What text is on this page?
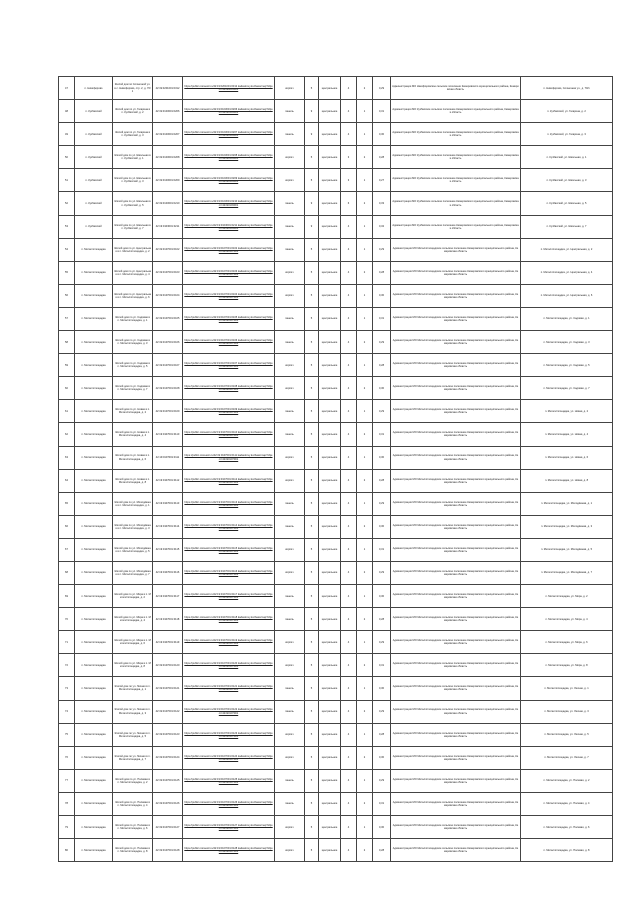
47	п. Никифорово	Жилой дом по Солнечной ул. в с. Никифорово, стр. 2, д. 70/1	42:19:0201001:0312	https://public.rosreestr.ru/42:19:0201001:0312 kadastrovy.kuzbass/map?object=42190201001	кирпич	5	центральное	4	2	0,29	Администрация МО Никифоровское сельское поселение Кемеровского муниципального района, Кемеровская область	п. Никифорово, Солнечная ул., д. 70/1
48	п. Кузбасский	Жилой дом по ул. Гагарина в п. Кузбасский, д. 2	42:19:0103001:0206	https://public.rosreestr.ru/42:19:0103001:0206 kadastrovy.kuzbass/map?object=42190103001	панель	9	центральное	4	1	0,31	Администрация МО Кузбасское сельское поселение Кемеровского муниципального района, Кемеровская область	п. Кузбасский, ул. Гагарина, д. 2
49	п. Кузбасский	Жилой дом по ул. Гагарина в п. Кузбасский, д. 3	42:19:0103001:0207	https://public.rosreestr.ru/42:19:0103001:0207 kadastrovy.kuzbass/map?object=42190103001	панель	9	центральное	4	1	0,30	Администрация МО Кузбасское сельское поселение Кемеровского муниципального района, Кемеровская область	п. Кузбасский, ул. Гагарина, д. 3
50	п. Кузбасский	Жилой дом по ул. Школьная в п. Кузбасский, д. 1	42:19:0103001:0208	https://public.rosreestr.ru/42:19:0103001:0208 kadastrovy.kuzbass/map?object=42190103001	кирпич	5	центральное	3	2	0,28	Администрация МО Кузбасское сельское поселение Кемеровского муниципального района, Кемеровская область	п. Кузбасский, ул. Школьная, д. 1
51	п. Кузбасский	Жилой дом по ул. Школьная в п. Кузбасский, д. 3	42:19:0103001:0209	https://public.rosreestr.ru/42:19:0103001:0209 kadastrovy.kuzbass/map?object=42190103001	кирпич	5	центральное	3	1	0,27	Администрация МО Кузбасское сельское поселение Кемеровского муниципального района, Кемеровская область	п. Кузбасский, ул. Школьная, д. 3
52	п. Кузбасский	Жилой дом по ул. Школьная в п. Кузбасский, д. 5	42:19:0103001:0210	https://public.rosreestr.ru/42:19:0103001:0210 kadastrovy.kuzbass/map?object=42190103001	панель	9	центральное	6	2	0,33	Администрация МО Кузбасское сельское поселение Кемеровского муниципального района, Кемеровская область	п. Кузбасский, ул. Школьная, д. 5
53	п. Кузбасский	Жилой дом по ул. Школьная в п. Кузбасский, д. 7	42:19:0103001:0211	https://public.rosreestr.ru/42:19:0103001:0211 kadastrovy.kuzbass/map?object=42190103001	панель	9	центральное	4	1	0,32	Администрация МО Кузбасское сельское поселение Кемеровского муниципального района, Кемеровская область	п. Кузбасский, ул. Школьная, д. 7
54	п. Металлплощадка	Жилой дом по ул. Центральная в п. Металлплощадка, д. 2	42:19:0107001:0102	https://public.rosreestr.ru/42:19:0107001:0102 kadastrovy.kuzbass/map?object=42190107001	панель	5	центральное	4	1	0,29	Администрация МО Металлплощадское сельское поселение Кемеровского муниципального района, Кемеровская область	п. Металлплощадка, ул. Центральная, д. 2
55	п. Металлплощадка	Жилой дом по ул. Центральная в п. Металлплощадка, д. 4	42:19:0107001:0103	https://public.rosreestr.ru/42:19:0107001:0103 kadastrovy.kuzbass/map?object=42190107001	кирпич	5	центральное	4	2	0,28	Администрация МО Металлплощадское сельское поселение Кемеровского муниципального района, Кемеровская область	п. Металлплощадка, ул. Центральная, д. 4
56	п. Металлплощадка	Жилой дом по ул. Центральная в п. Металлплощадка, д. 6	42:19:0107001:0104	https://public.rosreestr.ru/42:19:0107001:0104 kadastrovy.kuzbass/map?object=42190107001	кирпич	5	центральное	4	1	0,30	Администрация МО Металлплощадское сельское поселение Кемеровского муниципального района, Кемеровская область	п. Металлплощадка, ул. Центральная, д. 6
57	п. Металлплощадка	Жилой дом по ул. Садовая в п. Металлплощадка, д. 1	42:19:0107001:0105	https://public.rosreestr.ru/42:19:0107001:0105 kadastrovy.kuzbass/map?object=42190107001	панель	5	центральное	4	1	0,31	Администрация МО Металлплощадское сельское поселение Кемеровского муниципального района, Кемеровская область	п. Металлплощадка, ул. Садовая, д. 1
58	п. Металлплощадка	Жилой дом по ул. Садовая в п. Металлплощадка, д. 3	42:19:0107001:0106	https://public.rosreestr.ru/42:19:0107001:0106 kadastrovy.kuzbass/map?object=42190107001	панель	5	центральное	4	2	0,29	Администрация МО Металлплощадское сельское поселение Кемеровского муниципального района, Кемеровская область	п. Металлплощадка, ул. Садовая, д. 3
59	п. Металлплощадка	Жилой дом по ул. Садовая в п. Металлплощадка, д. 5	42:19:0107001:0107	https://public.rosreestr.ru/42:19:0107001:0107 kadastrovy.kuzbass/map?object=42190107001	кирпич	5	центральное	4	1	0,28	Администрация МО Металлплощадское сельское поселение Кемеровского муниципального района, Кемеровская область	п. Металлплощадка, ул. Садовая, д. 5
60	п. Металлплощадка	Жилой дом по ул. Садовая в п. Металлплощадка, д. 7	42:19:0107001:0108	https://public.rosreestr.ru/42:19:0107001:0108 kadastrovy.kuzbass/map?object=42190107001	кирпич	5	центральное	4	2	0,30	Администрация МО Металлплощадское сельское поселение Кемеровского муниципального района, Кемеровская область	п. Металлплощадка, ул. Садовая, д. 7
61	п. Металлплощадка	Жилой дом по ул. Новая в п. Металлплощадка, д. 2	42:19:0107001:0109	https://public.rosreestr.ru/42:19:0107001:0109 kadastrovy.kuzbass/map?object=42190107001	панель	5	центральное	4	1	0,29	Администрация МО Металлплощадское сельское поселение Кемеровского муниципального района, Кемеровская область	п. Металлплощадка, ул. Новая, д. 2
62	п. Металлплощадка	Жилой дом по ул. Новая в п. Металлплощадка, д. 4	42:19:0107001:0110	https://public.rosreestr.ru/42:19:0107001:0110 kadastrovy.kuzbass/map?object=42190107001	панель	5	центральное	4	2	0,31	Администрация МО Металлплощадское сельское поселение Кемеровского муниципального района, Кемеровская область	п. Металлплощадка, ул. Новая, д. 4
63	п. Металлплощадка	Жилой дом по ул. Новая в п. Металлплощадка, д. 6	42:19:0107001:0111	https://public.rosreestr.ru/42:19:0107001:0111 kadastrovy.kuzbass/map?object=42190107001	кирпич	5	центральное	4	1	0,30	Администрация МО Металлплощадское сельское поселение Кемеровского муниципального района, Кемеровская область	п. Металлплощадка, ул. Новая, д. 6
64	п. Металлплощадка	Жилой дом по ул. Новая в п. Металлплощадка, д. 8	42:19:0107001:0112	https://public.rosreestr.ru/42:19:0107001:0112 kadastrovy.kuzbass/map?object=42190107001	кирпич	5	центральное	4	2	0,28	Администрация МО Металлплощадское сельское поселение Кемеровского муниципального района, Кемеровская область	п. Металлплощадка, ул. Новая, д. 8
65	п. Металлплощадка	Жилой дом по ул. Молодёжная в п. Металлплощадка, д. 1	42:19:0107001:0113	https://public.rosreestr.ru/42:19:0107001:0113 kadastrovy.kuzbass/map?object=42190107001	панель	5	центральное	4	1	0,29	Администрация МО Металлплощадское сельское поселение Кемеровского муниципального района, Кемеровская область	п. Металлплощадка, ул. Молодёжная, д. 1
66	п. Металлплощадка	Жилой дом по ул. Молодёжная в п. Металлплощадка, д. 3	42:19:0107001:0114	https://public.rosreestr.ru/42:19:0107001:0114 kadastrovy.kuzbass/map?object=42190107001	панель	5	центральное	4	2	0,30	Администрация МО Металлплощадское сельское поселение Кемеровского муниципального района, Кемеровская область	п. Металлплощадка, ул. Молодёжная, д. 3
67	п. Металлплощадка	Жилой дом по ул. Молодёжная в п. Металлплощадка, д. 5	42:19:0107001:0115	https://public.rosreestr.ru/42:19:0107001:0115 kadastrovy.kuzbass/map?object=42190107001	кирпич	5	центральное	4	1	0,31	Администрация МО Металлплощадское сельское поселение Кемеровского муниципального района, Кемеровская область	п. Металлплощадка, ул. Молодёжная, д. 5
68	п. Металлплощадка	Жилой дом по ул. Молодёжная в п. Металлплощадка, д. 7	42:19:0107001:0116	https://public.rosreestr.ru/42:19:0107001:0116 kadastrovy.kuzbass/map?object=42190107001	кирпич	5	центральное	4	2	0,29	Администрация МО Металлплощадское сельское поселение Кемеровского муниципального района, Кемеровская область	п. Металлплощадка, ул. Молодёжная, д. 7
69	п. Металлплощадка	Жилой дом по ул. Мира в п. Металлплощадка, д. 2	42:19:0107001:0117	https://public.rosreestr.ru/42:19:0107001:0117 kadastrovy.kuzbass/map?object=42190107001	панель	5	центральное	4	1	0,30	Администрация МО Металлплощадское сельское поселение Кемеровского муниципального района, Кемеровская область	п. Металлплощадка, ул. Мира, д. 2
70	п. Металлплощадка	Жилой дом по ул. Мира в п. Металлплощадка, д. 4	42:19:0107001:0118	https://public.rosreestr.ru/42:19:0107001:0118 kadastrovy.kuzbass/map?object=42190107001	панель	5	центральное	4	2	0,28	Администрация МО Металлплощадское сельское поселение Кемеровского муниципального района, Кемеровская область	п. Металлплощадка, ул. Мира, д. 4
71	п. Металлплощадка	Жилой дом по ул. Мира в п. Металлплощадка, д. 6	42:19:0107001:0119	https://public.rosreestr.ru/42:19:0107001:0119 kadastrovy.kuzbass/map?object=42190107001	кирпич	5	центральное	4	1	0,29	Администрация МО Металлплощадское сельское поселение Кемеровского муниципального района, Кемеровская область	п. Металлплощадка, ул. Мира, д. 6
72	п. Металлплощадка	Жилой дом по ул. Мира в п. Металлплощадка, д. 8	42:19:0107001:0120	https://public.rosreestr.ru/42:19:0107001:0120 kadastrovy.kuzbass/map?object=42190107001	кирпич	5	центральное	4	2	0,31	Администрация МО Металлплощадское сельское поселение Кемеровского муниципального района, Кемеровская область	п. Металлплощадка, ул. Мира, д. 8
73	п. Металлплощадка	Жилой дом по ул. Лесная в п. Металлплощадка, д. 1	42:19:0107001:0121	https://public.rosreestr.ru/42:19:0107001:0121 kadastrovy.kuzbass/map?object=42190107001	панель	5	центральное	4	1	0,30	Администрация МО Металлплощадское сельское поселение Кемеровского муниципального района, Кемеровская область	п. Металлплощадка, ул. Лесная, д. 1
74	п. Металлплощадка	Жилой дом по ул. Лесная в п. Металлплощадка, д. 3	42:19:0107001:0122	https://public.rosreestr.ru/42:19:0107001:0122 kadastrovy.kuzbass/map?object=42190107001	панель	5	центральное	4	2	0,29	Администрация МО Металлплощадское сельское поселение Кемеровского муниципального района, Кемеровская область	п. Металлплощадка, ул. Лесная, д. 3
75	п. Металлплощадка	Жилой дом по ул. Лесная в п. Металлплощадка, д. 5	42:19:0107001:0123	https://public.rosreestr.ru/42:19:0107001:0123 kadastrovy.kuzbass/map?object=42190107001	кирпич	5	центральное	4	1	0,28	Администрация МО Металлплощадское сельское поселение Кемеровского муниципального района, Кемеровская область	п. Металлплощадка, ул. Лесная, д. 5
76	п. Металлплощадка	Жилой дом по ул. Лесная в п. Металлплощадка, д. 7	42:19:0107001:0124	https://public.rosreestr.ru/42:19:0107001:0124 kadastrovy.kuzbass/map?object=42190107001	кирпич	5	центральное	4	2	0,30	Администрация МО Металлплощадское сельское поселение Кемеровского муниципального района, Кемеровская область	п. Металлплощадка, ул. Лесная, д. 7
77	п. Металлплощадка	Жилой дом по ул. Полевая в п. Металлплощадка, д. 2	42:19:0107001:0125	https://public.rosreestr.ru/42:19:0107001:0125 kadastrovy.kuzbass/map?object=42190107001	панель	5	центральное	4	1	0,29	Администрация МО Металлплощадское сельское поселение Кемеровского муниципального района, Кемеровская область	п. Металлплощадка, ул. Полевая, д. 2
78	п. Металлплощадка	Жилой дом по ул. Полевая в п. Металлплощадка, д. 4	42:19:0107001:0126	https://public.rosreestr.ru/42:19:0107001:0126 kadastrovy.kuzbass/map?object=42190107001	панель	5	центральное	4	2	0,31	Администрация МО Металлплощадское сельское поселение Кемеровского муниципального района, Кемеровская область	п. Металлплощадка, ул. Полевая, д. 4
79	п. Металлплощадка	Жилой дом по ул. Полевая в п. Металлплощадка, д. 6	42:19:0107001:0127	https://public.rosreestr.ru/42:19:0107001:0127 kadastrovy.kuzbass/map?object=42190107001	кирпич	5	центральное	4	1	0,30	Администрация МО Металлплощадское сельское поселение Кемеровского муниципального района, Кемеровская область	п. Металлплощадка, ул. Полевая, д. 6
80	п. Металлплощадка	Жилой дом по ул. Полевая в п. Металлплощадка, д. 8	42:19:0107001:0128	https://public.rosreestr.ru/42:19:0107001:0128 kadastrovy.kuzbass/map?object=42190107001	кирпич	5	центральное	4	2	0,28	Администрация МО Металлплощадское сельское поселение Кемеровского муниципального района, Кемеровская область	п. Металлплощадка, ул. Полевая, д. 8
